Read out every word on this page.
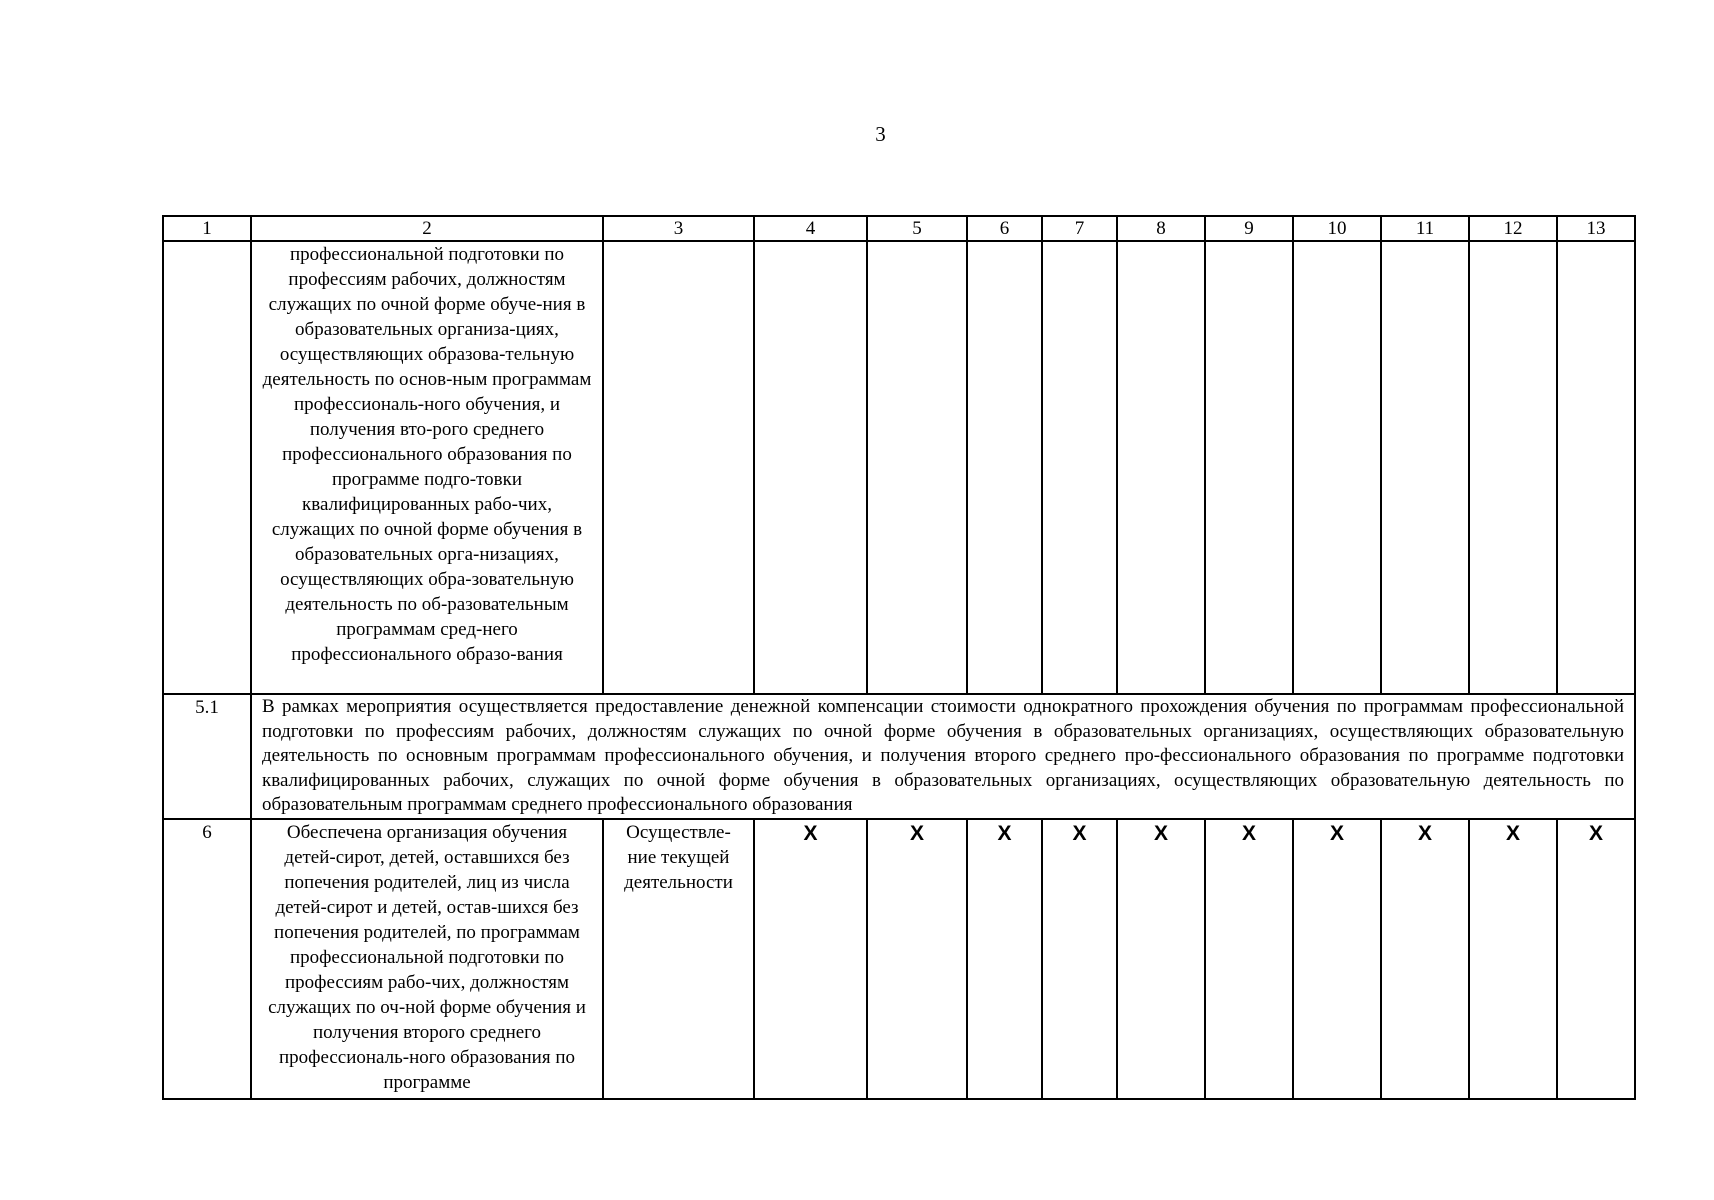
3
1	2	3	4	5	6	7	8	9	10	11	12	13
	профессиональной подготовки по профессиям рабочих, должностям служащих по очной форме обуче-ния в образовательных организа-циях, осуществляющих образова-тельную деятельность по основ-ным программам профессиональ-ного обучения, и получения вто-рого среднего профессионального образования по программе подго-товки квалифицированных рабо-чих, служащих по очной форме обучения в образовательных орга-низациях, осуществляющих обра-зовательную деятельность по об-разовательным программам сред-него профессионального образо-вания											
5.1	В рамках мероприятия осуществляется предоставление денежной компенсации стоимости однократного прохождения обучения по программам профессиональной подготовки по профессиям рабочих, должностям служащих по очной форме обучения в образовательных организациях, осуществляющих образовательную деятельность по основным программам профессионального обучения, и получения второго среднего про-фессионального образования по программе подготовки квалифицированных рабочих, служащих по очной форме обучения в образовательных организациях, осуществляющих образовательную деятельность по образовательным программам среднего профессионального образования											
6	Обеспечена организация обучения детей-сирот, детей, оставшихся без попечения родителей, лиц из числа детей-сирот и детей, остав-шихся без попечения родителей, по программам профессиональной подготовки по профессиям рабо-чих, должностям служащих по оч-ной форме обучения и получения второго среднего профессиональ-ного образования по программе	Осуществле-ние текущей деятельности	X	X	X	X	X	X	X	X	X	X
